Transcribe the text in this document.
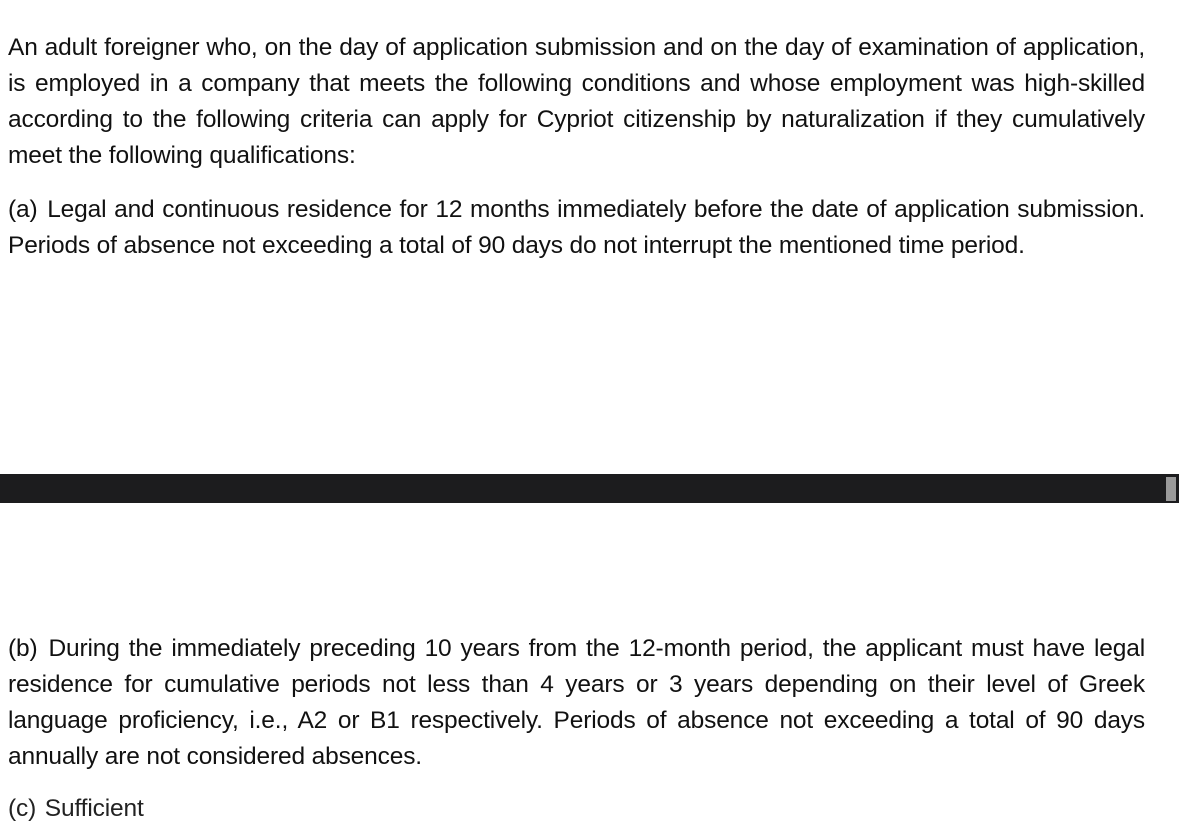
An adult foreigner who, on the day of application submission and on the day of examination of application, is employed in a company that meets the following conditions and whose employment was high-skilled according to the following criteria can apply for Cypriot citizenship by naturalization if they cumulatively meet the following qualifications:

(a) Legal and continuous residence for 12 months immediately before the date of application submission. Periods of absence not exceeding a total of 90 days do not interrupt the mentioned time period.

(b) During the immediately preceding 10 years from the 12-month period, the applicant must have legal residence for cumulative periods not less than 4 years or 3 years depending on their level of Greek language proficiency, i.e., A2 or B1 respectively. Periods of absence not exceeding a total of 90 days annually are not considered absences.

(c) Sufficient
